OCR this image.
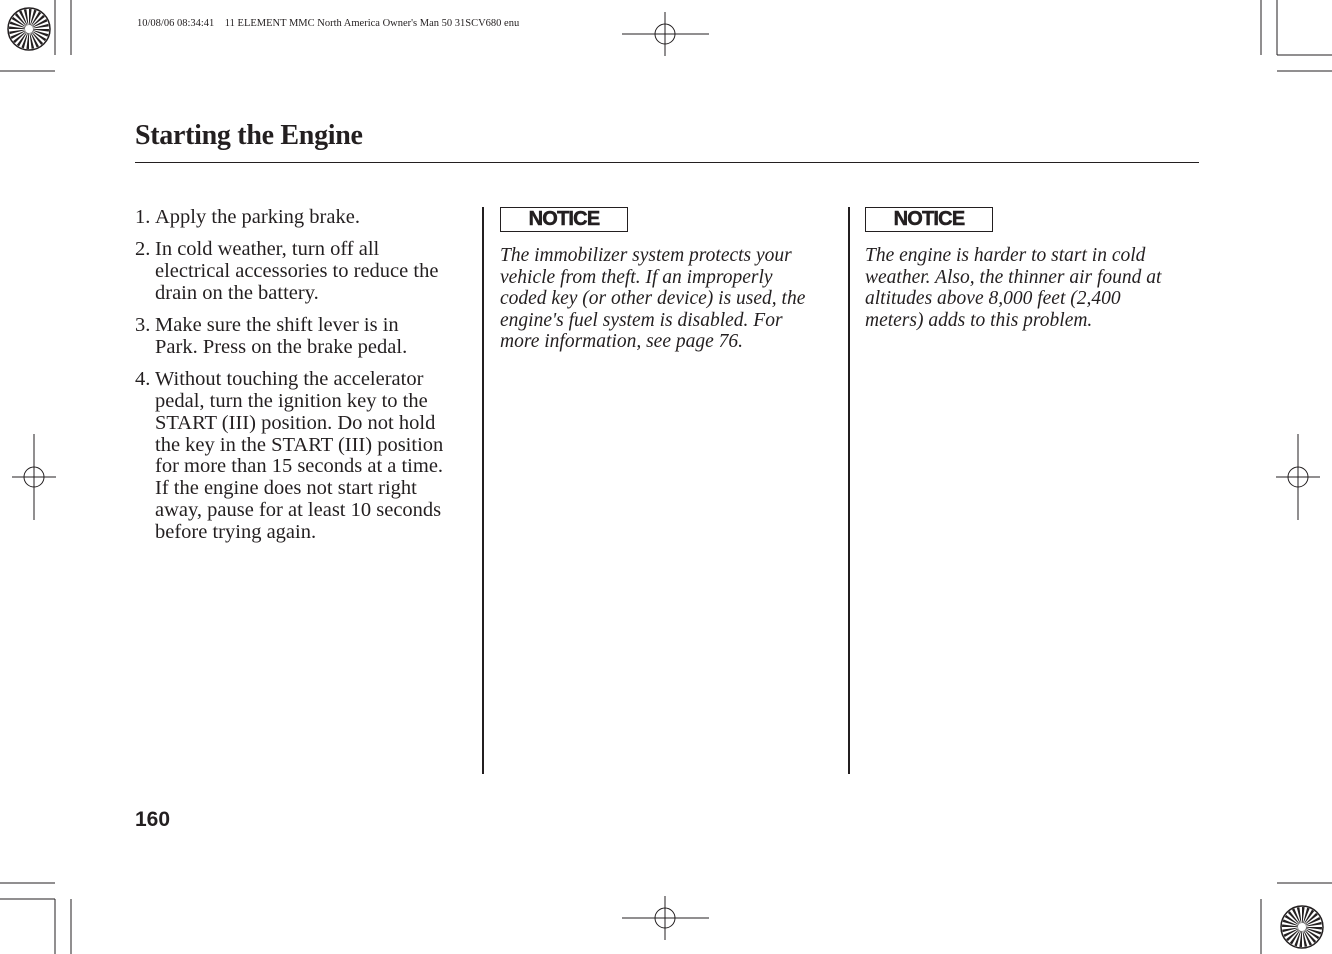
10/08/06 08:34:41    11 ELEMENT MMC North America Owner's Man 50 31SCV680 enu
Starting the Engine
1. Apply the parking brake.
2. In cold weather, turn off all
electrical accessories to reduce the
drain on the battery.
3. Make sure the shift lever is in
Park. Press on the brake pedal.
4. Without touching the accelerator
pedal, turn the ignition key to the
START (III) position. Do not hold
the key in the START (III) position
for more than 15 seconds at a time.
If the engine does not start right
away, pause for at least 10 seconds
before trying again.
NOTICE

The immobilizer system protects your
vehicle from theft. If an improperly
coded key (or other device) is used, the
engine's fuel system is disabled. For
more information, see page 76.

NOTICE

The engine is harder to start in cold
weather. Also, the thinner air found at
altitudes above 8,000 feet (2,400
meters) adds to this problem.

160
